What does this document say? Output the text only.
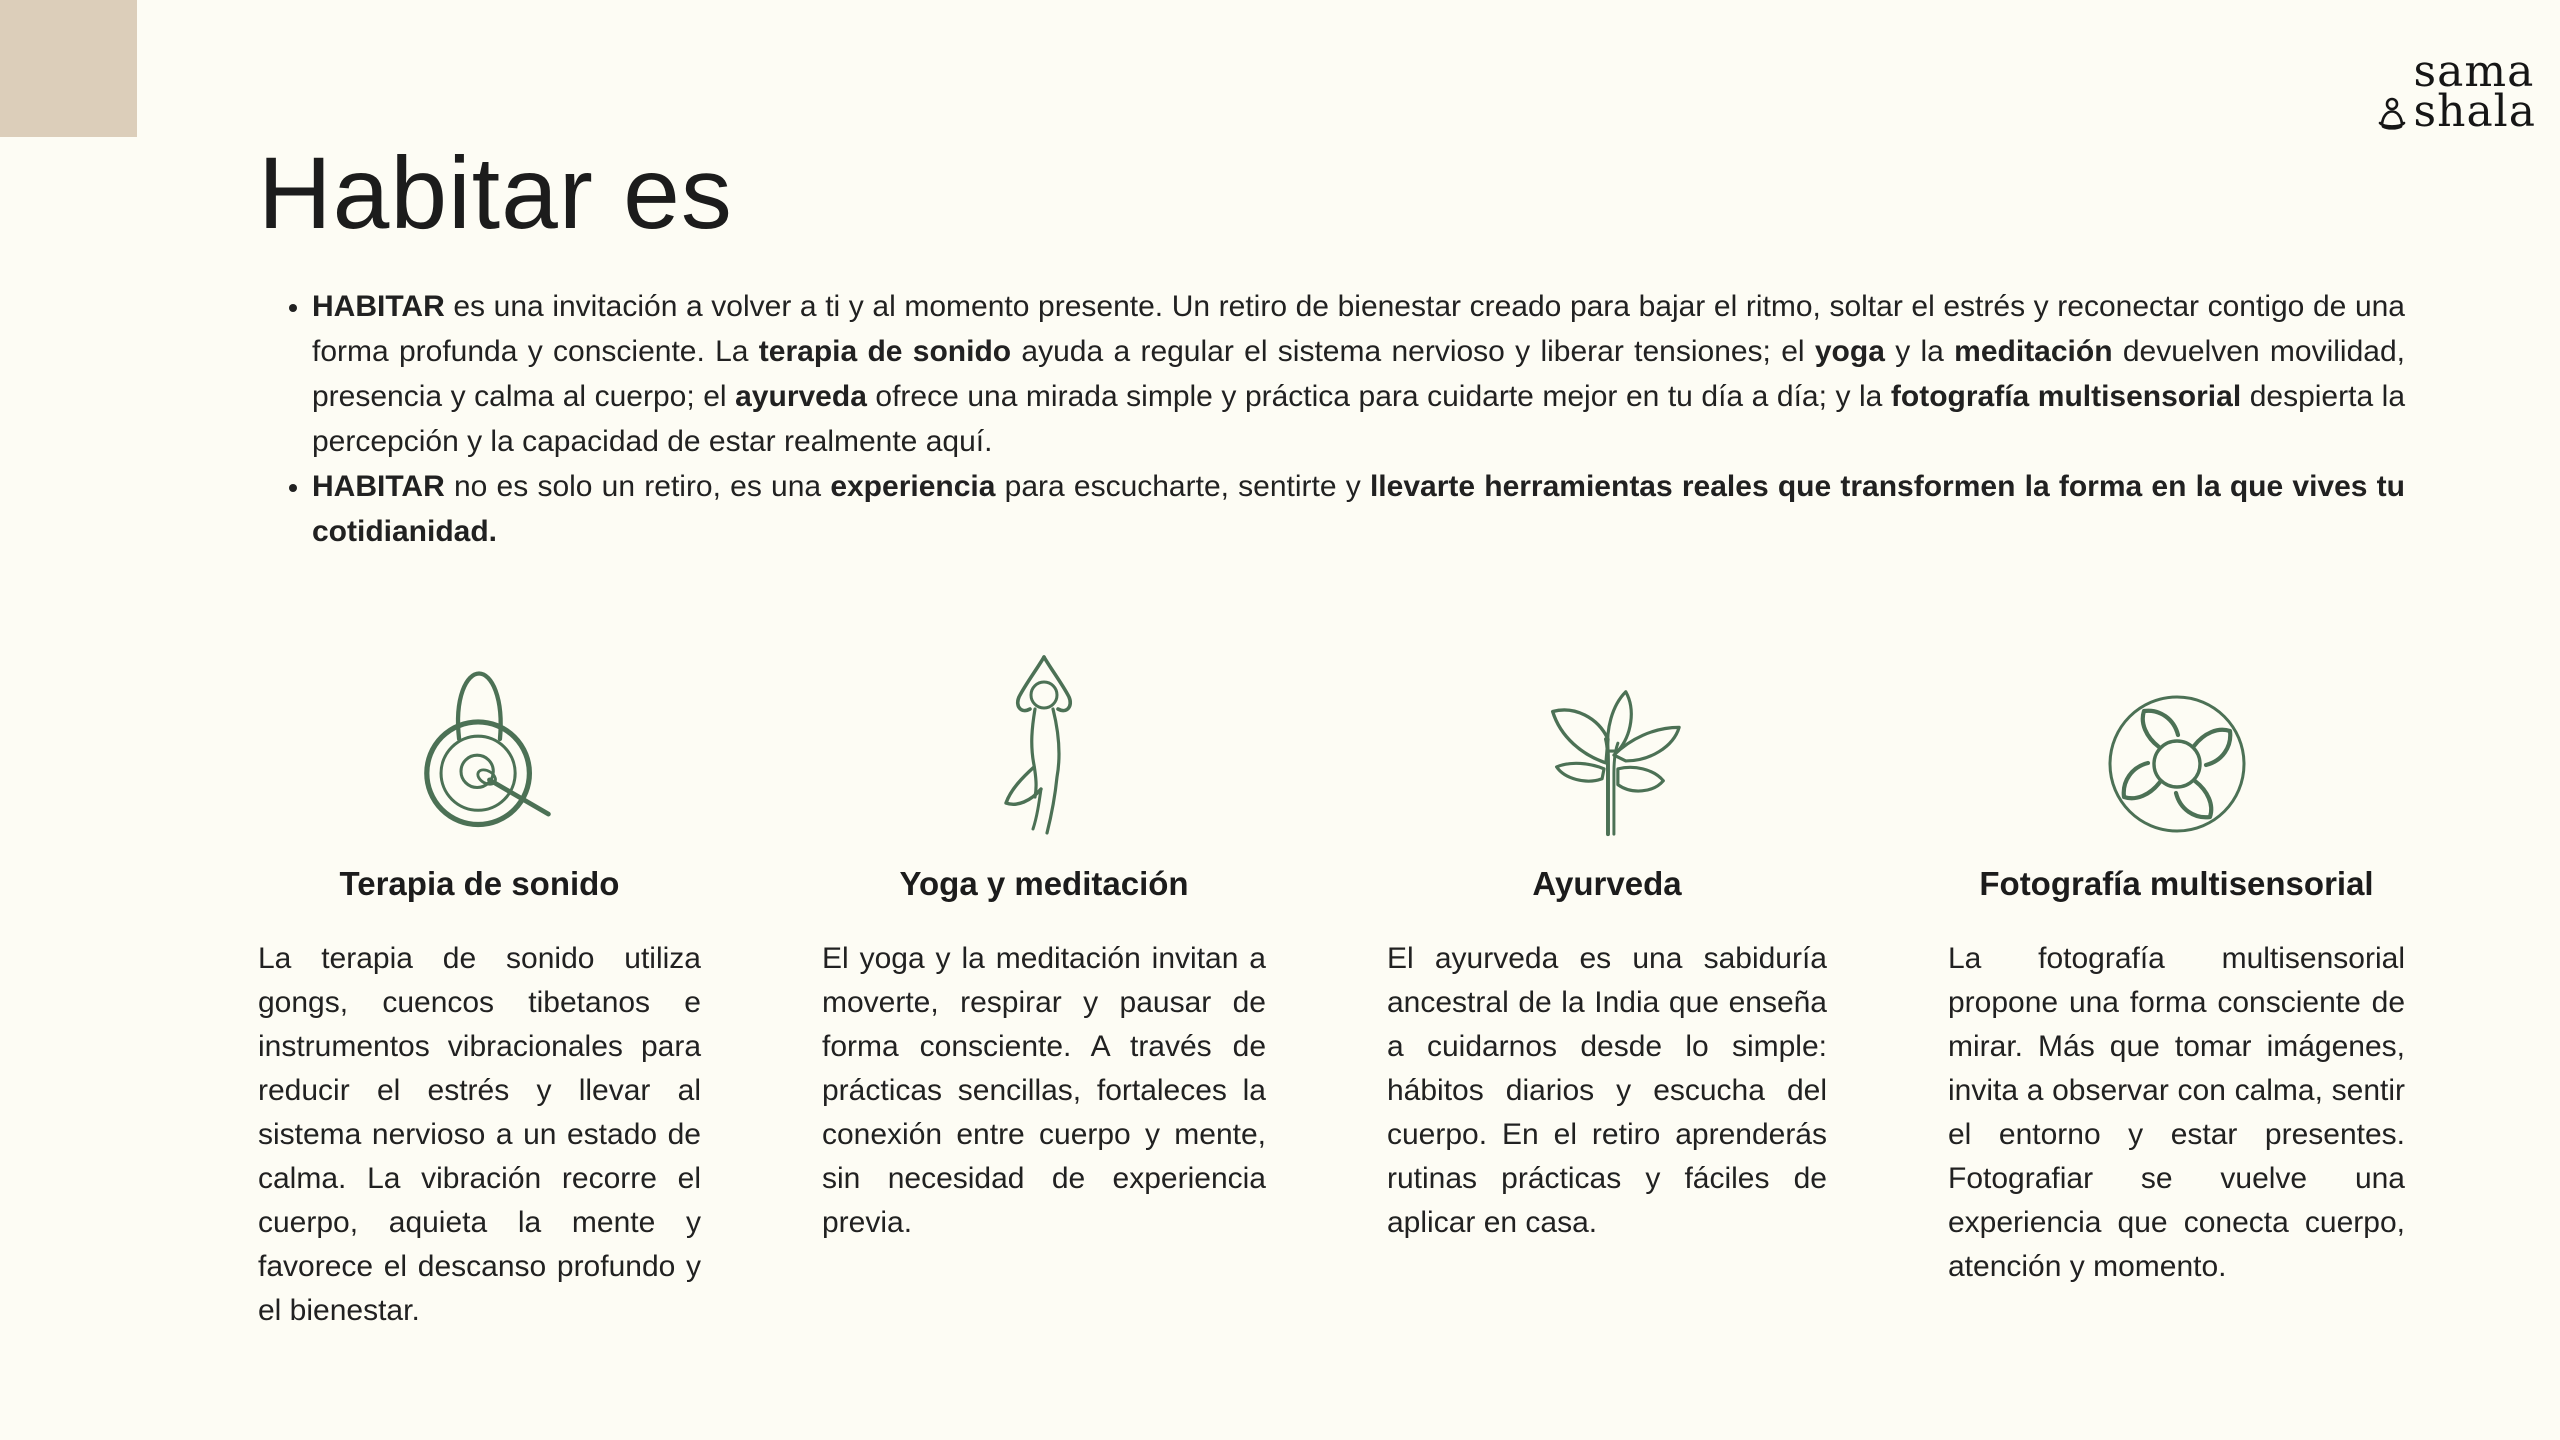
sama
shala
Habitar es
• HABITAR es una invitación a volver a ti y al momento presente. Un retiro de bienestar creado para bajar el ritmo, soltar el estrés y reconectar contigo de una forma profunda y consciente. La terapia de sonido ayuda a regular el sistema nervioso y liberar tensiones; el yoga y la meditación devuelven movilidad, presencia y calma al cuerpo; el ayurveda ofrece una mirada simple y práctica para cuidarte mejor en tu día a día; y la fotografía multisensorial despierta la percepción y la capacidad de estar realmente aquí.
• HABITAR no es solo un retiro, es una experiencia para escucharte, sentirte y llevarte herramientas reales que transformen la forma en la que vives tu cotidianidad.
Terapia de sonido

La terapia de sonido utiliza gongs, cuencos tibetanos e instrumentos vibracionales para reducir el estrés y llevar al sistema nervioso a un estado de calma. La vibración recorre el cuerpo, aquieta la mente y favorece el descanso profundo y el bienestar.

Yoga y meditación

El yoga y la meditación invitan a moverte, respirar y pausar de forma consciente. A través de prácticas sencillas, fortaleces la conexión entre cuerpo y mente, sin necesidad de experiencia previa.

Ayurveda

El ayurveda es una sabiduría ancestral de la India que enseña a cuidarnos desde lo simple: hábitos diarios y escucha del cuerpo. En el retiro aprenderás rutinas prácticas y fáciles de aplicar en casa.

Fotografía multisensorial

La fotografía multisensorial propone una forma consciente de mirar. Más que tomar imágenes, invita a observar con calma, sentir el entorno y estar presentes. Fotografiar se vuelve una experiencia que conecta cuerpo, atención y momento.
